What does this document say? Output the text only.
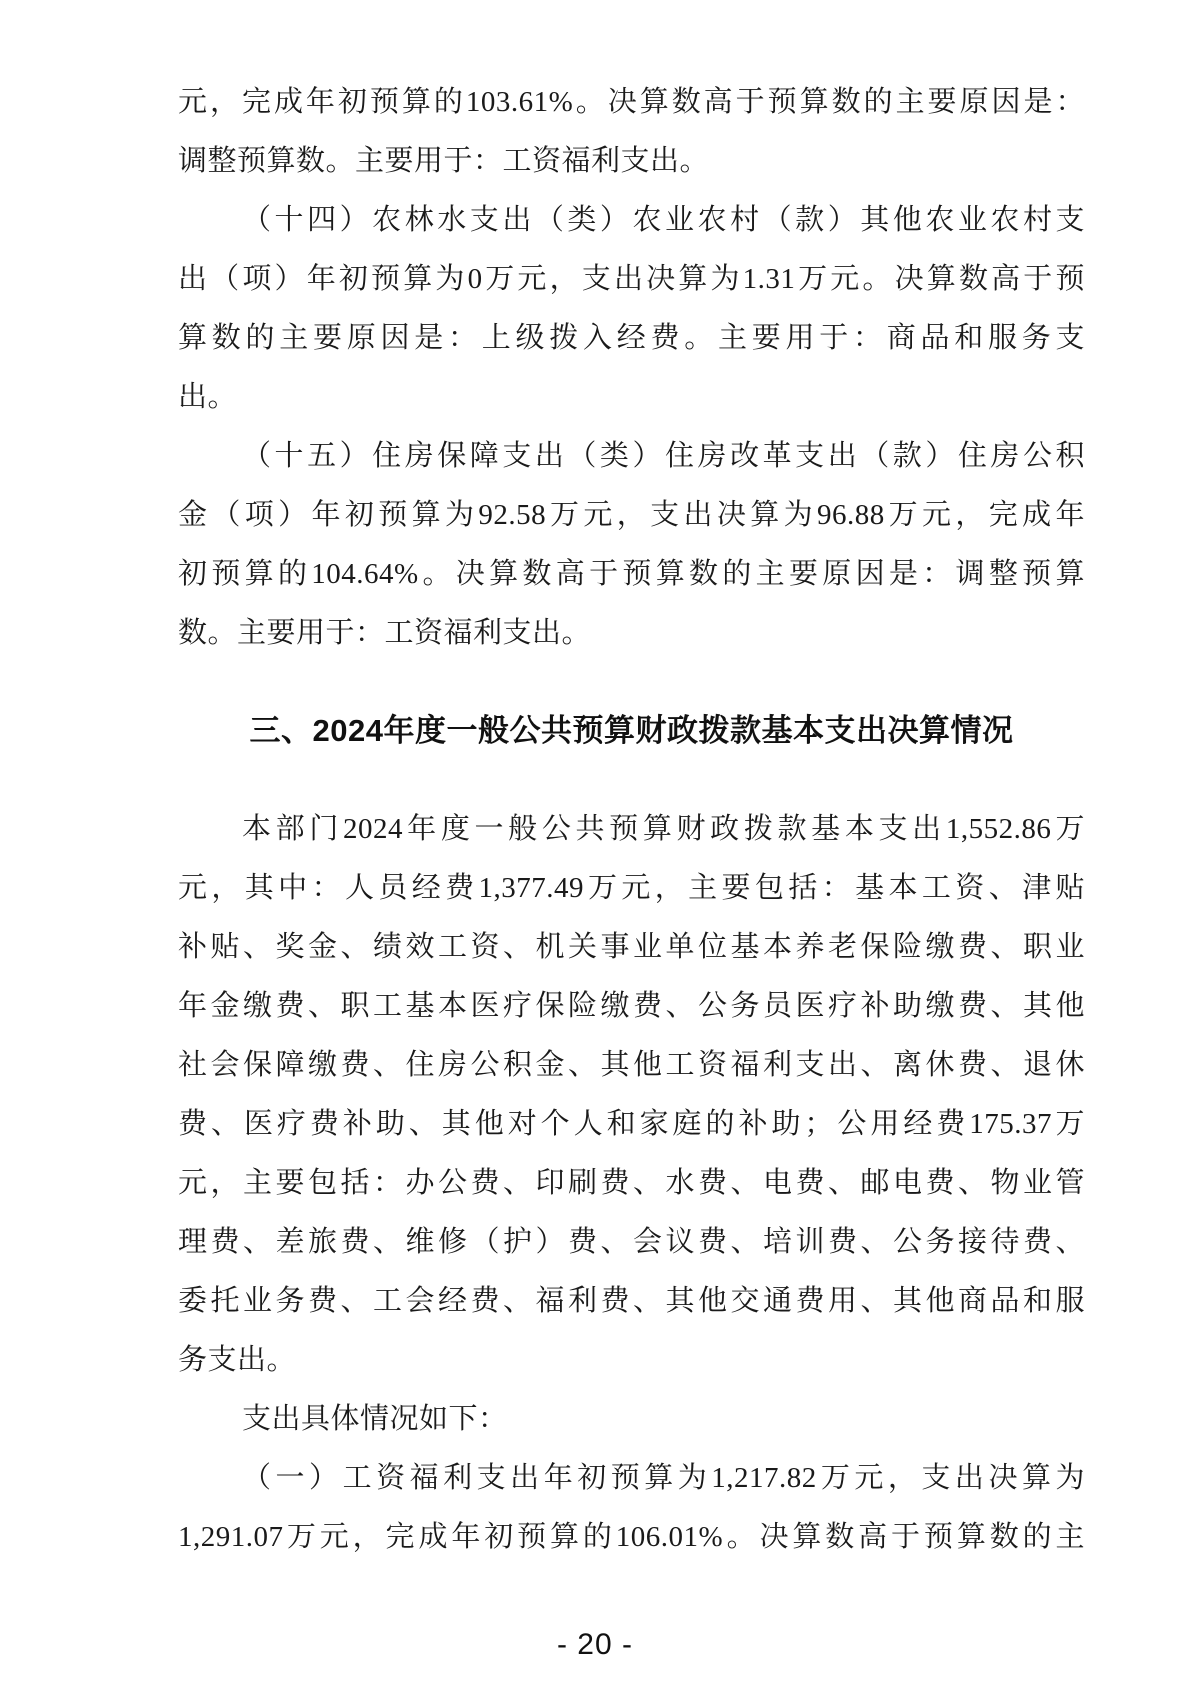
元，完成年初预算的103.61%。决算数高于预算数的主要原因是：
调整预算数。主要用于：工资福利支出。
（十四）农林水支出（类）农业农村（款）其他农业农村支
出（项）年初预算为0万元，支出决算为1.31万元。决算数高于预
算数的主要原因是：上级拨入经费。主要用于：商品和服务支
出。
（十五）住房保障支出（类）住房改革支出（款）住房公积
金（项）年初预算为92.58万元，支出决算为96.88万元，完成年
初预算的104.64%。决算数高于预算数的主要原因是：调整预算
数。主要用于：工资福利支出。
三、2024年度一般公共预算财政拨款基本支出决算情况
本部门2024年度一般公共预算财政拨款基本支出1,552.86万
元，其中：人员经费1,377.49万元，主要包括：基本工资、津贴
补贴、奖金、绩效工资、机关事业单位基本养老保险缴费、职业
年金缴费、职工基本医疗保险缴费、公务员医疗补助缴费、其他
社会保障缴费、住房公积金、其他工资福利支出、离休费、退休
费、医疗费补助、其他对个人和家庭的补助；公用经费175.37万
元，主要包括：办公费、印刷费、水费、电费、邮电费、物业管
理费、差旅费、维修（护）费、会议费、培训费、公务接待费、
委托业务费、工会经费、福利费、其他交通费用、其他商品和服
务支出。
支出具体情况如下：
（一）工资福利支出年初预算为1,217.82万元，支出决算为
1,291.07万元，完成年初预算的106.01%。决算数高于预算数的主
- 20 -
